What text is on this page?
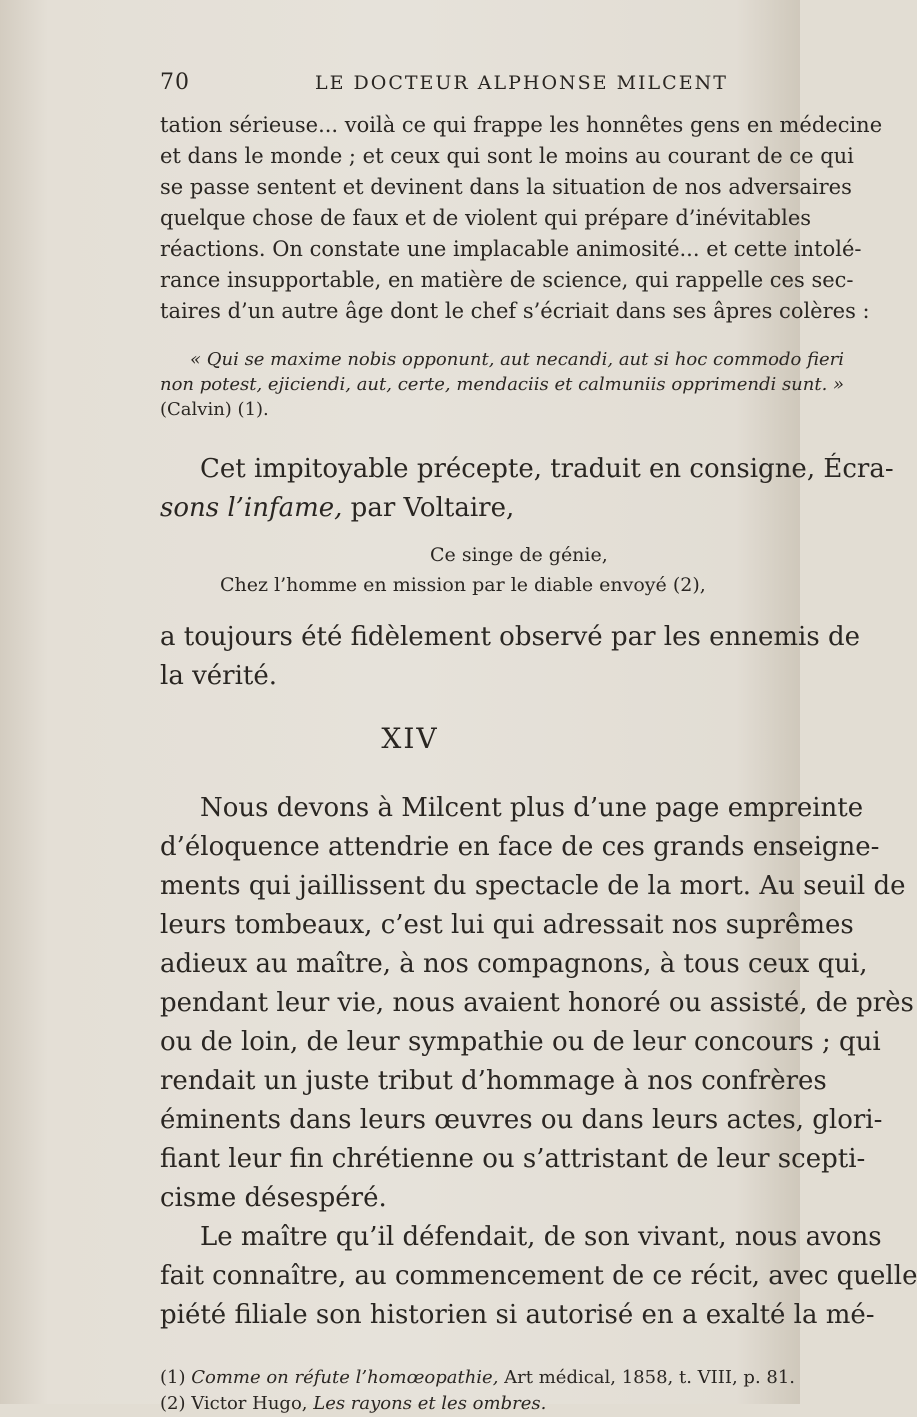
70	LE DOCTEUR ALPHONSE MILCENT

tation sérieuse... voilà ce qui frappe les honnêtes gens en médecine

et dans le monde ; et ceux qui sont le moins au courant de ce qui

se passe sentent et devinent dans la situation de nos adversaires

quelque chose de faux et de violent qui prépare d’inévitables

réactions. On constate une implacable animosité... et cette intolé-

rance insupportable, en matière de science, qui rappelle ces sec-

taires d’un autre âge dont le chef s’écriait dans ses âpres colères :

« Qui se maxime nobis opponunt, aut necandi, aut si hoc commodo fieri

non potest, ejiciendi, aut, certe, mendaciis et calmuniis opprimendi sunt. »

(Calvin) (1).

Cet impitoyable précepte, traduit en consigne, Écra-

sons l’infame, par Voltaire,

Ce singe de génie,

Chez l’homme en mission par le diable envoyé (2),

a toujours été fidèlement observé par les ennemis de

la vérité.

XIV

Nous devons à Milcent plus d’une page empreinte

d’éloquence attendrie en face de ces grands enseigne-

ments qui jaillissent du spectacle de la mort. Au seuil de

leurs tombeaux, c’est lui qui adressait nos suprêmes

adieux au maître, à nos compagnons, à tous ceux qui,

pendant leur vie, nous avaient honoré ou assisté, de près

ou de loin, de leur sympathie ou de leur concours ; qui

rendait un juste tribut d’hommage à nos confrères

éminents dans leurs œuvres ou dans leurs actes, glori-

fiant leur fin chrétienne ou s’attristant de leur scepti-

cisme désespéré.

Le maître qu’il défendait, de son vivant, nous avons

fait connaître, au commencement de ce récit, avec quelle

piété filiale son historien si autorisé en a exalté la mé-

(1) Comme on réfute l’homœopathie, Art médical, 1858, t. VIII, p. 81.

(2) Victor Hugo, Les rayons et les ombres.
